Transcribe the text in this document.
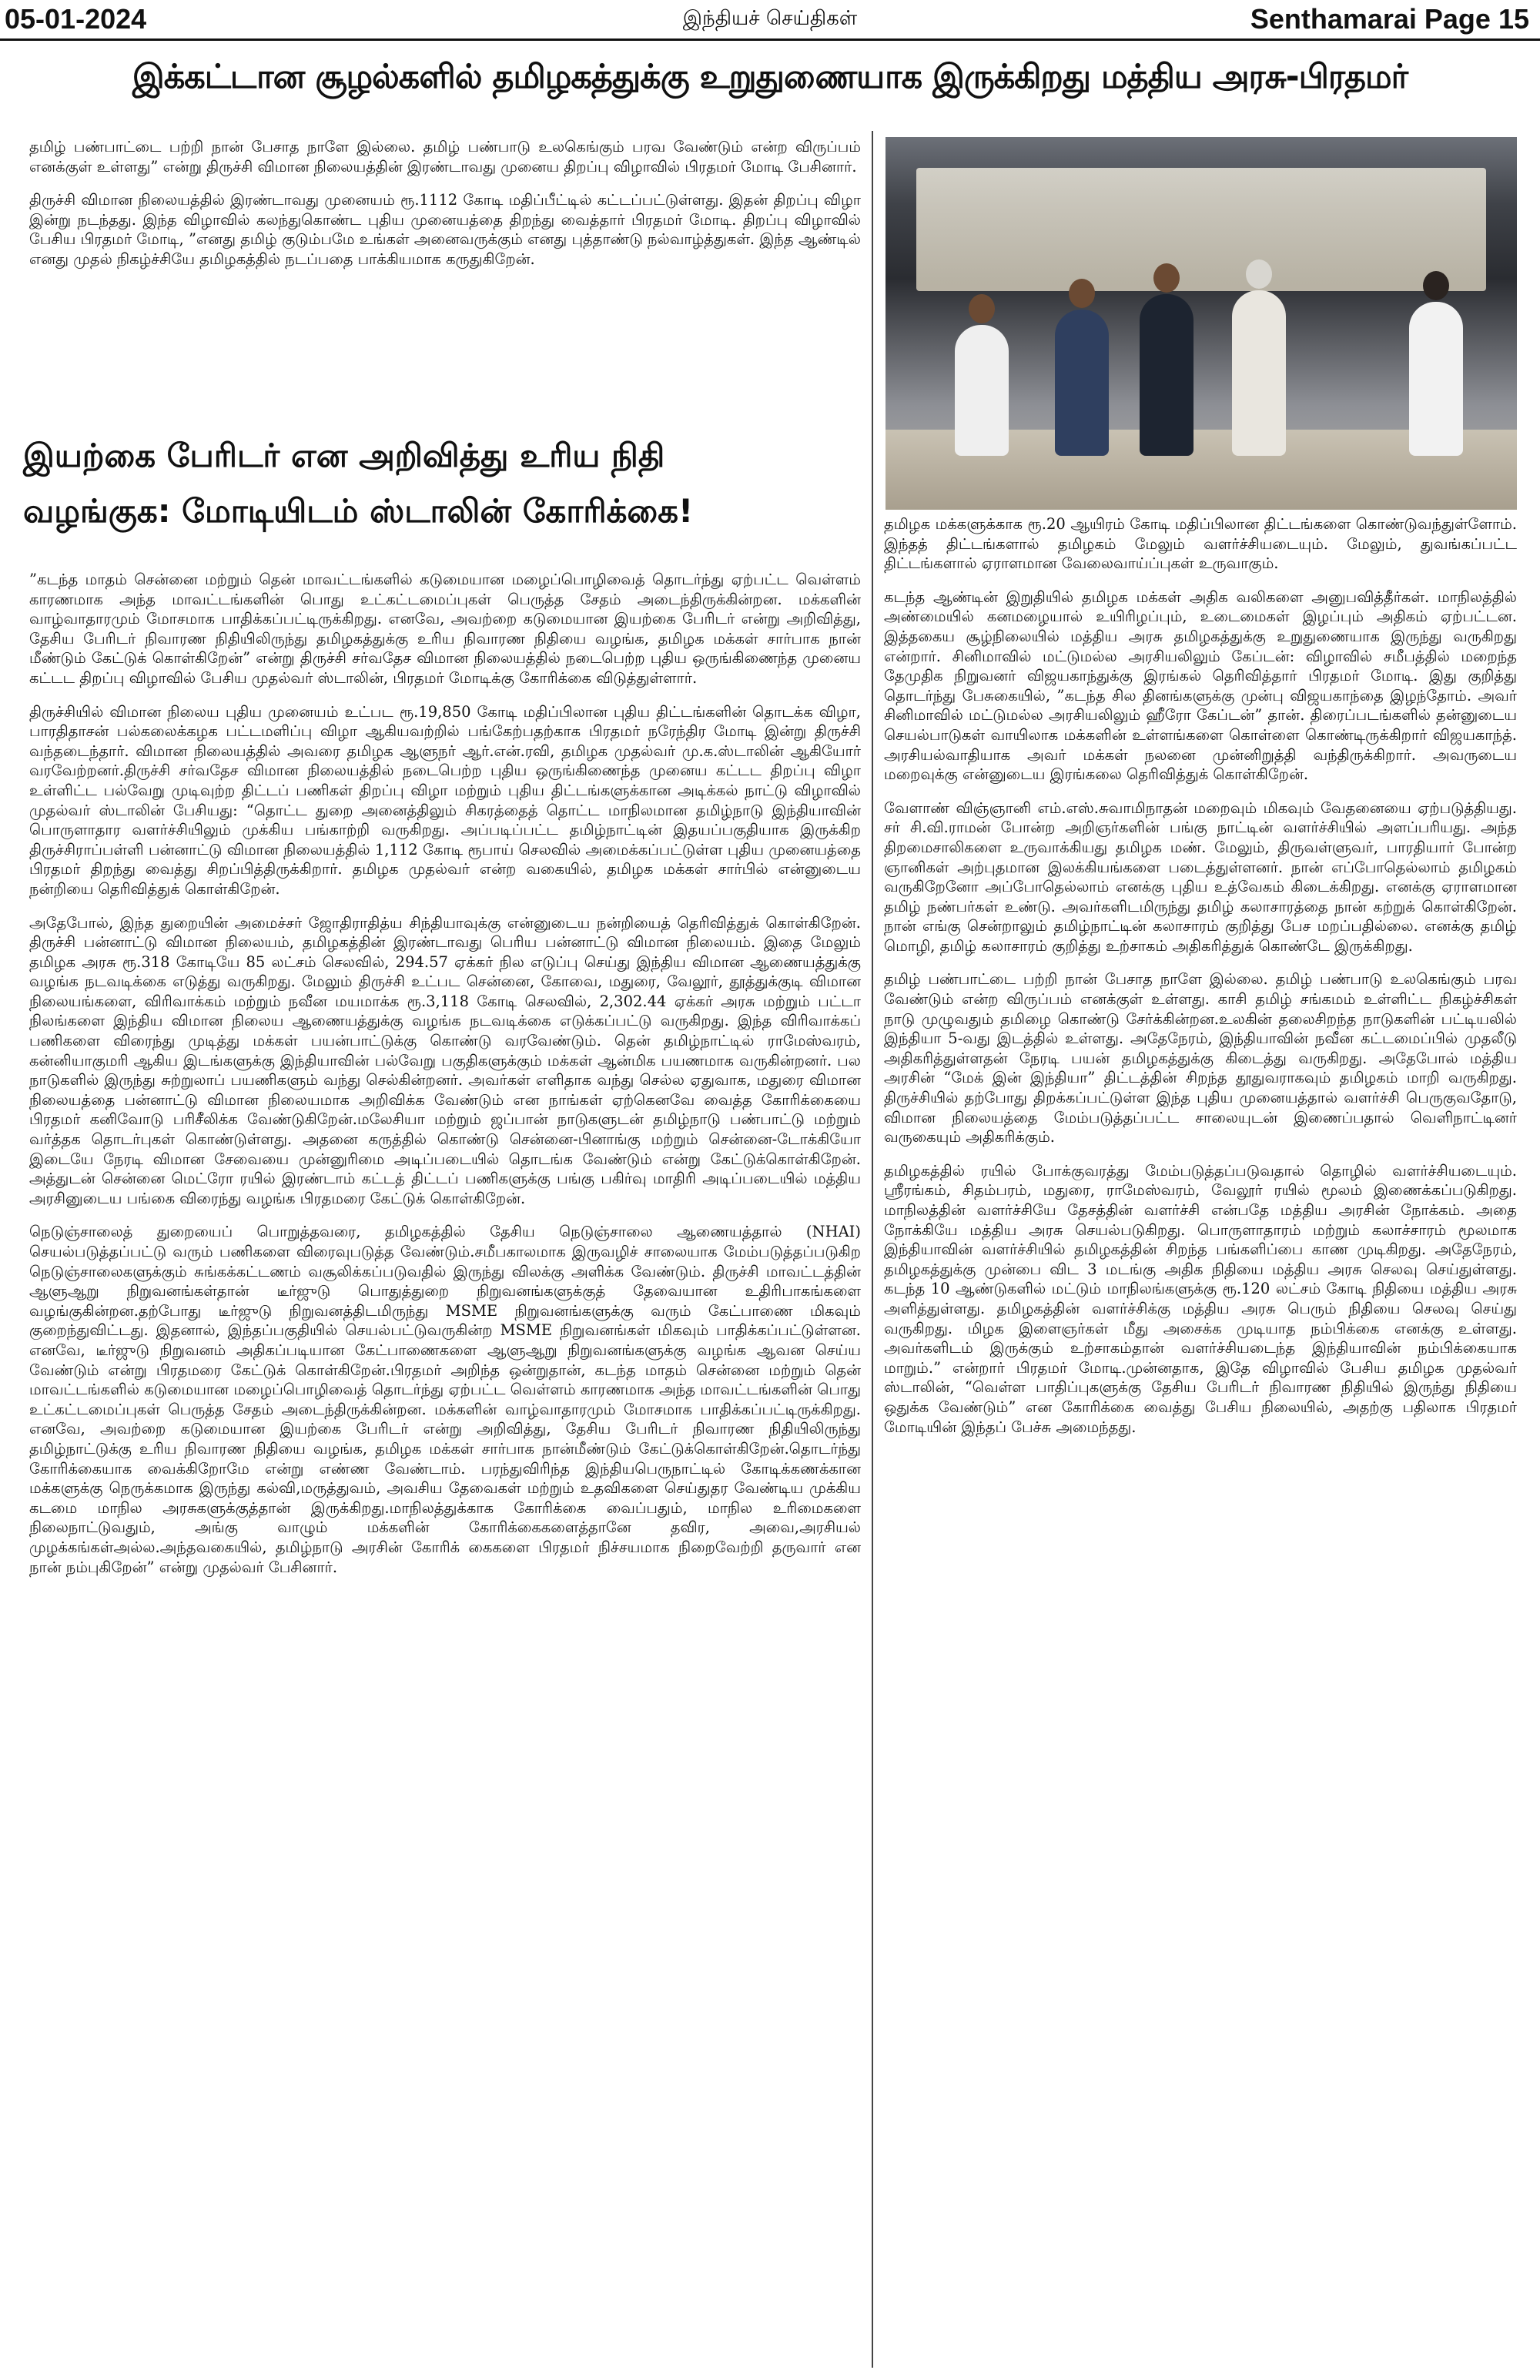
05-01-2024	இந்தியச் செய்திகள்	Senthamarai Page 15
இக்கட்டான சூழல்களில் தமிழகத்துக்கு உறுதுணையாக இருக்கிறது மத்திய அரசு-பிரதமர்

தமிழ் பண்பாட்டை பற்றி நான் பேசாத நாளே இல்லை. தமிழ் பண்பாடு உலகெங்கும் பரவ வேண்டும் என்ற விருப்பம் எனக்குள் உள்ளது” என்று திருச்சி விமான நிலையத்தின் இரண்டாவது முனைய திறப்பு விழாவில் பிரதமர் மோடி பேசினார்.

திருச்சி விமான நிலையத்தில் இரண்டாவது முனையம் ரூ.1112 கோடி மதிப்பீட்டில் கட்டப்பட்டுள்ளது. இதன் திறப்பு விழா இன்று நடந்தது. இந்த விழாவில் கலந்துகொண்ட புதிய முனையத்தை திறந்து வைத்தார் பிரதமர் மோடி. திறப்பு விழாவில் பேசிய பிரதமர் மோடி, ”எனது தமிழ் குடும்பமே உங்கள் அனைவருக்கும் எனது புத்தாண்டு நல்வாழ்த்துகள். இந்த ஆண்டில் எனது முதல் நிகழ்ச்சியே தமிழகத்தில் நடப்பதை பாக்கியமாக கருதுகிறேன்.

இயற்கை பேரிடர் என அறிவித்து உரிய நிதி
வழங்குக: மோடியிடம் ஸ்டாலின் கோரிக்கை!

”கடந்த மாதம் சென்னை மற்றும் தென் மாவட்டங்களில் கடுமையான மழைப்பொழிவைத் தொடர்ந்து ஏற்பட்ட வெள்ளம் காரணமாக அந்த மாவட்டங்களின் பொது உட்கட்டமைப்புகள் பெருத்த சேதம் அடைந்திருக்கின்றன. மக்களின் வாழ்வாதாரமும் மோசமாக பாதிக்கப்பட்டிருக்கிறது. எனவே, அவற்றை கடுமையான இயற்கை பேரிடர் என்று அறிவித்து, தேசிய பேரிடர் நிவாரண நிதியிலிருந்து தமிழகத்துக்கு உரிய நிவாரண நிதியை வழங்க, தமிழக மக்கள் சார்பாக நான் மீண்டும் கேட்டுக் கொள்கிறேன்” என்று திருச்சி சர்வதேச விமான நிலையத்தில் நடைபெற்ற புதிய ஒருங்கிணைந்த முனைய கட்டட திறப்பு விழாவில் பேசிய முதல்வர் ஸ்டாலின், பிரதமர் மோடிக்கு கோரிக்கை விடுத்துள்ளார்.

திருச்சியில் விமான நிலைய புதிய முனையம் உட்பட ரூ.19,850 கோடி மதிப்பிலான புதிய திட்டங்களின் தொடக்க விழா, பாரதிதாசன் பல்கலைக்கழக பட்டமளிப்பு விழா ஆகியவற்றில் பங்கேற்பதற்காக பிரதமர் நரேந்திர மோடி இன்று திருச்சி வந்தடைந்தார். விமான நிலையத்தில் அவரை தமிழக ஆளுநர் ஆர்.என்.ரவி, தமிழக முதல்வர் மு.க.ஸ்டாலின் ஆகியோர் வரவேற்றனர்.திருச்சி சர்வதேச விமான நிலையத்தில் நடைபெற்ற புதிய ஒருங்கிணைந்த முனைய கட்டட திறப்பு விழா உள்ளிட்ட பல்வேறு முடிவுற்ற திட்டப் பணிகள் திறப்பு விழா மற்றும் புதிய திட்டங்களுக்கான அடிக்கல் நாட்டு விழாவில் முதல்வர் ஸ்டாலின் பேசியது: “தொட்ட துறை அனைத்திலும் சிகரத்தைத் தொட்ட மாநிலமான தமிழ்நாடு இந்தியாவின் பொருளாதார வளர்ச்சியிலும் முக்கிய பங்காற்றி வருகிறது. அப்படிப்பட்ட தமிழ்நாட்டின் இதயப்பகுதியாக இருக்கிற திருச்சிராப்பள்ளி பன்னாட்டு விமான நிலையத்தில் 1,112 கோடி ரூபாய் செலவில் அமைக்கப்பட்டுள்ள புதிய முனையத்தை பிரதமர் திறந்து வைத்து சிறப்பித்திருக்கிறார். தமிழக முதல்வர் என்ற வகையில், தமிழக மக்கள் சார்பில் என்னுடைய நன்றியை தெரிவித்துக் கொள்கிறேன்.

அதேபோல், இந்த துறையின் அமைச்சர் ஜோதிராதித்ய சிந்தியாவுக்கு என்னுடைய நன்றியைத் தெரிவித்துக் கொள்கிறேன். திருச்சி பன்னாட்டு விமான நிலையம், தமிழகத்தின் இரண்டாவது பெரிய பன்னாட்டு விமான நிலையம். இதை மேலும் தமிழக அரசு ரூ.318 கோடியே 85 லட்சம் செலவில், 294.57 ஏக்கர் நில எடுப்பு செய்து இந்திய விமான ஆணையத்துக்கு வழங்க நடவடிக்கை எடுத்து வருகிறது. மேலும் திருச்சி உட்பட சென்னை, கோவை, மதுரை, வேலூர், தூத்துக்குடி விமான நிலையங்களை, விரிவாக்கம் மற்றும் நவீன மயமாக்க ரூ.3,118 கோடி செலவில், 2,302.44 ஏக்கர் அரசு மற்றும் பட்டா நிலங்களை இந்திய விமான நிலைய ஆணையத்துக்கு வழங்க நடவடிக்கை எடுக்கப்பட்டு வருகிறது. இந்த விரிவாக்கப் பணிகளை விரைந்து முடித்து மக்கள் பயன்பாட்டுக்கு கொண்டு வரவேண்டும். தென் தமிழ்நாட்டில் ராமேஸ்வரம், கன்னியாகுமரி ஆகிய இடங்களுக்கு இந்தியாவின் பல்வேறு பகுதிகளுக்கும் மக்கள் ஆன்மிக பயணமாக வருகின்றனர். பல நாடுகளில் இருந்து சுற்றுலாப் பயணிகளும் வந்து செல்கின்றனர். அவர்கள் எளிதாக வந்து செல்ல ஏதுவாக, மதுரை விமான நிலையத்தை பன்னாட்டு விமான நிலையமாக அறிவிக்க வேண்டும் என நாங்கள் ஏற்கெனவே வைத்த கோரிக்கையை பிரதமர் கனிவோடு பரிசீலிக்க வேண்டுகிறேன்.மலேசியா மற்றும் ஜப்பான் நாடுகளுடன் தமிழ்நாடு பண்பாட்டு மற்றும் வர்த்தக தொடர்புகள் கொண்டுள்ளது. அதனை கருத்தில் கொண்டு சென்னை-பினாங்கு மற்றும் சென்னை-டோக்கியோ இடையே நேரடி விமான சேவையை முன்னுரிமை அடிப்படையில் தொடங்க வேண்டும் என்று கேட்டுக்கொள்கிறேன். அத்துடன் சென்னை மெட்ரோ ரயில் இரண்டாம் கட்டத் திட்டப் பணிகளுக்கு பங்கு பகிர்வு மாதிரி அடிப்படையில் மத்திய அரசினுடைய பங்கை விரைந்து வழங்க பிரதமரை கேட்டுக் கொள்கிறேன்.

நெடுஞ்சாலைத் துறையைப் பொறுத்தவரை, தமிழகத்தில் தேசிய நெடுஞ்சாலை ஆணையத்தால் (NHAI) செயல்படுத்தப்பட்டு வரும் பணிகளை விரைவுபடுத்த வேண்டும்.சமீபகாலமாக இருவழிச் சாலையாக மேம்படுத்தப்படுகிற நெடுஞ்சாலைகளுக்கும் சுங்கக்கட்டணம் வசூலிக்கப்படுவதில் இருந்து விலக்கு அளிக்க வேண்டும். திருச்சி மாவட்டத்தின் ஆளுஆறு நிறுவனங்கள்தான் டீர்ஜுடு பொதுத்துறை நிறுவனங்களுக்குத் தேவையான உதிரிபாகங்களை வழங்குகின்றன.தற்போது டீர்ஜுடு நிறுவனத்திடமிருந்து MSME நிறுவனங்களுக்கு வரும் கேட்பாணை மிகவும் குறைந்துவிட்டது. இதனால், இந்தப்பகுதியில் செயல்பட்டுவருகின்ற MSME நிறுவனங்கள் மிகவும் பாதிக்கப்பட்டுள்ளன. எனவே, டீர்ஜுடு நிறுவனம் அதிகப்படியான கேட்பாணைகளை ஆளுஆறு நிறுவனங்களுக்கு வழங்க ஆவன செய்ய வேண்டும் என்று பிரதமரை கேட்டுக் கொள்கிறேன்.பிரதமர் அறிந்த ஒன்றுதான், கடந்த மாதம் சென்னை மற்றும் தென் மாவட்டங்களில் கடுமையான மழைப்பொழிவைத் தொடர்ந்து ஏற்பட்ட வெள்ளம் காரணமாக அந்த மாவட்டங்களின் பொது உட்கட்டமைப்புகள் பெருத்த சேதம் அடைந்திருக்கின்றன. மக்களின் வாழ்வாதாரமும் மோசமாக பாதிக்கப்பட்டிருக்கிறது. எனவே, அவற்றை கடுமையான இயற்கை பேரிடர் என்று அறிவித்து, தேசிய பேரிடர் நிவாரண நிதியிலிருந்து தமிழ்நாட்டுக்கு உரிய நிவாரண நிதியை வழங்க, தமிழக மக்கள் சார்பாக நான்மீண்டும் கேட்டுக்கொள்கிறேன்.தொடர்ந்து கோரிக்கையாக வைக்கிறோமே என்று எண்ண வேண்டாம். பரந்துவிரிந்த இந்தியபெருநாட்டில் கோடிக்கணக்கான மக்களுக்கு நெருக்கமாக இருந்து கல்வி,மருத்துவம், அவசிய தேவைகள் மற்றும் உதவிகளை செய்துதர வேண்டிய முக்கிய கடமை மாநில அரசுகளுக்குத்தான் இருக்கிறது.மாநிலத்துக்காக கோரிக்கை வைப்பதும், மாநில உரிமைகளை நிலைநாட்டுவதும், அங்கு வாழும் மக்களின் கோரிக்கைகளைத்தானே தவிர, அவை,அரசியல் முழக்கங்கள்அல்ல.அந்தவகையில், தமிழ்நாடு அரசின் கோரிக் கைகளை பிரதமர் நிச்சயமாக நிறைவேற்றி தருவார் என நான் நம்புகிறேன்” என்று முதல்வர் பேசினார்.

தமிழக மக்களுக்காக ரூ.20 ஆயிரம் கோடி மதிப்பிலான திட்டங்களை கொண்டுவந்துள்ளோம். இந்தத் திட்டங்களால் தமிழகம் மேலும் வளர்ச்சியடையும். மேலும், துவங்கப்பட்ட திட்டங்களால் ஏராளமான வேலைவாய்ப்புகள் உருவாகும்.

கடந்த ஆண்டின் இறுதியில் தமிழக மக்கள் அதிக வலிகளை அனுபவித்தீர்கள். மாநிலத்தில் அண்மையில் கனமழையால் உயிரிழப்பும், உடைமைகள் இழப்பும் அதிகம் ஏற்பட்டன. இத்தகைய சூழ்நிலையில் மத்திய அரசு தமிழகத்துக்கு உறுதுணையாக இருந்து வருகிறது என்றார். சினிமாவில் மட்டுமல்ல அரசியலிலும் கேப்டன்: விழாவில் சமீபத்தில் மறைந்த தேமுதிக நிறுவனர் விஜயகாந்துக்கு இரங்கல் தெரிவித்தார் பிரதமர் மோடி. இது குறித்து தொடர்ந்து பேசுகையில், ”கடந்த சில தினங்களுக்கு முன்பு விஜயகாந்தை இழந்தோம். அவர் சினிமாவில் மட்டுமல்ல அரசியலிலும் ஹீரோ கேப்டன்” தான். திரைப்படங்களில் தன்னுடைய செயல்பாடுகள் வாயிலாக மக்களின் உள்ளங்களை கொள்ளை கொண்டிருக்கிறார் விஜயகாந்த். அரசியல்வாதியாக அவர் மக்கள் நலனை முன்னிறுத்தி வந்திருக்கிறார். அவருடைய மறைவுக்கு என்னுடைய இரங்கலை தெரிவித்துக் கொள்கிறேன்.

வேளாண் விஞ்ஞானி எம்.எஸ்.சுவாமிநாதன் மறைவும் மிகவும் வேதனையை ஏற்படுத்தியது. சர் சி.வி.ராமன் போன்ற அறிஞர்களின் பங்கு நாட்டின் வளர்ச்சியில் அளப்பரியது. அந்த திறமைசாலிகளை உருவாக்கியது தமிழக மண். மேலும், திருவள்ளுவர், பாரதியார் போன்ற ஞானிகள் அற்புதமான இலக்கியங்களை படைத்துள்ளனர். நான் எப்போதெல்லாம் தமிழகம் வருகிறேனோ அப்போதெல்லாம் எனக்கு புதிய உத்வேகம் கிடைக்கிறது. எனக்கு ஏராளமான தமிழ் நண்பர்கள் உண்டு. அவர்களிடமிருந்து தமிழ் கலாசாரத்தை நான் கற்றுக் கொள்கிறேன். நான் எங்கு சென்றாலும் தமிழ்நாட்டின் கலாசாரம் குறித்து பேச மறப்பதில்லை. எனக்கு தமிழ் மொழி, தமிழ் கலாசாரம் குறித்து உற்சாகம் அதிகரித்துக் கொண்டே இருக்கிறது.

தமிழ் பண்பாட்டை பற்றி நான் பேசாத நாளே இல்லை. தமிழ் பண்பாடு உலகெங்கும் பரவ வேண்டும் என்ற விருப்பம் எனக்குள் உள்ளது. காசி தமிழ் சங்கமம் உள்ளிட்ட நிகழ்ச்சிகள் நாடு முழுவதும் தமிழை கொண்டு சேர்க்கின்றன.உலகின் தலைசிறந்த நாடுகளின் பட்டியலில் இந்தியா 5-வது இடத்தில் உள்ளது. அதேநேரம், இந்தியாவின் நவீன கட்டமைப்பில் முதலீடு அதிகரித்துள்ளதன் நேரடி பயன் தமிழகத்துக்கு கிடைத்து வருகிறது. அதேபோல் மத்திய அரசின் “மேக் இன் இந்தியா” திட்டத்தின் சிறந்த தூதுவராகவும் தமிழகம் மாறி வருகிறது. திருச்சியில் தற்போது திறக்கப்பட்டுள்ள இந்த புதிய முனையத்தால் வளர்ச்சி பெருகுவதோடு, விமான நிலையத்தை மேம்படுத்தப்பட்ட சாலையுடன் இணைப்பதால் வெளிநாட்டினர் வருகையும் அதிகரிக்கும்.

தமிழகத்தில் ரயில் போக்குவரத்து மேம்படுத்தப்படுவதால் தொழில் வளர்ச்சியடையும். ஸ்ரீரங்கம், சிதம்பரம், மதுரை, ராமேஸ்வரம், வேலூர் ரயில் மூலம் இணைக்கப்படுகிறது. மாநிலத்தின் வளர்ச்சியே தேசத்தின் வளர்ச்சி என்பதே மத்திய அரசின் நோக்கம். அதை நோக்கியே மத்திய அரசு செயல்படுகிறது. பொருளாதாரம் மற்றும் கலாச்சாரம் மூலமாக இந்தியாவின் வளர்ச்சியில் தமிழகத்தின் சிறந்த பங்களிப்பை காண முடிகிறது. அதேநேரம், தமிழகத்துக்கு முன்பை விட 3 மடங்கு அதிக நிதியை மத்திய அரசு செலவு செய்துள்ளது. கடந்த 10 ஆண்டுகளில் மட்டும் மாநிலங்களுக்கு ரூ.120 லட்சம் கோடி நிதியை மத்திய அரசு அளித்துள்ளது. தமிழகத்தின் வளர்ச்சிக்கு மத்திய அரசு பெரும் நிதியை செலவு செய்து வருகிறது. மிழக இளைஞர்கள் மீது அசைக்க முடியாத நம்பிக்கை எனக்கு உள்ளது. அவர்களிடம் இருக்கும் உற்சாகம்தான் வளர்ச்சியடைந்த இந்தியாவின் நம்பிக்கையாக மாறும்.” என்றார் பிரதமர் மோடி.முன்னதாக, இதே விழாவில் பேசிய தமிழக முதல்வர் ஸ்டாலின், “வெள்ள பாதிப்புகளுக்கு தேசிய பேரிடர் நிவாரண நிதியில் இருந்து நிதியை ஒதுக்க வேண்டும்” என கோரிக்கை வைத்து பேசிய நிலையில், அதற்கு பதிலாக பிரதமர் மோடியின் இந்தப் பேச்சு அமைந்தது.
